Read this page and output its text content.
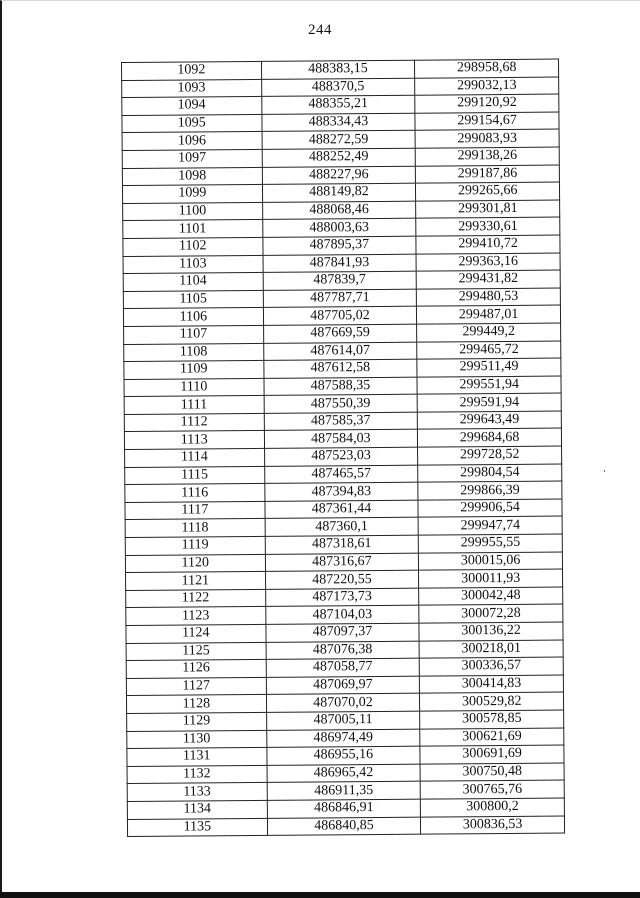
244
1092	488383,15	298958,68
1093	488370,5	299032,13
1094	488355,21	299120,92
1095	488334,43	299154,67
1096	488272,59	299083,93
1097	488252,49	299138,26
1098	488227,96	299187,86
1099	488149,82	299265,66
1100	488068,46	299301,81
1101	488003,63	299330,61
1102	487895,37	299410,72
1103	487841,93	299363,16
1104	487839,7	299431,82
1105	487787,71	299480,53
1106	487705,02	299487,01
1107	487669,59	299449,2
1108	487614,07	299465,72
1109	487612,58	299511,49
1110	487588,35	299551,94
1111	487550,39	299591,94
1112	487585,37	299643,49
1113	487584,03	299684,68
1114	487523,03	299728,52
1115	487465,57	299804,54
1116	487394,83	299866,39
1117	487361,44	299906,54
1118	487360,1	299947,74
1119	487318,61	299955,55
1120	487316,67	300015,06
1121	487220,55	300011,93
1122	487173,73	300042,48
1123	487104,03	300072,28
1124	487097,37	300136,22
1125	487076,38	300218,01
1126	487058,77	300336,57
1127	487069,97	300414,83
1128	487070,02	300529,82
1129	487005,11	300578,85
1130	486974,49	300621,69
1131	486955,16	300691,69
1132	486965,42	300750,48
1133	486911,35	300765,76
1134	486846,91	300800,2
1135	486840,85	300836,53
